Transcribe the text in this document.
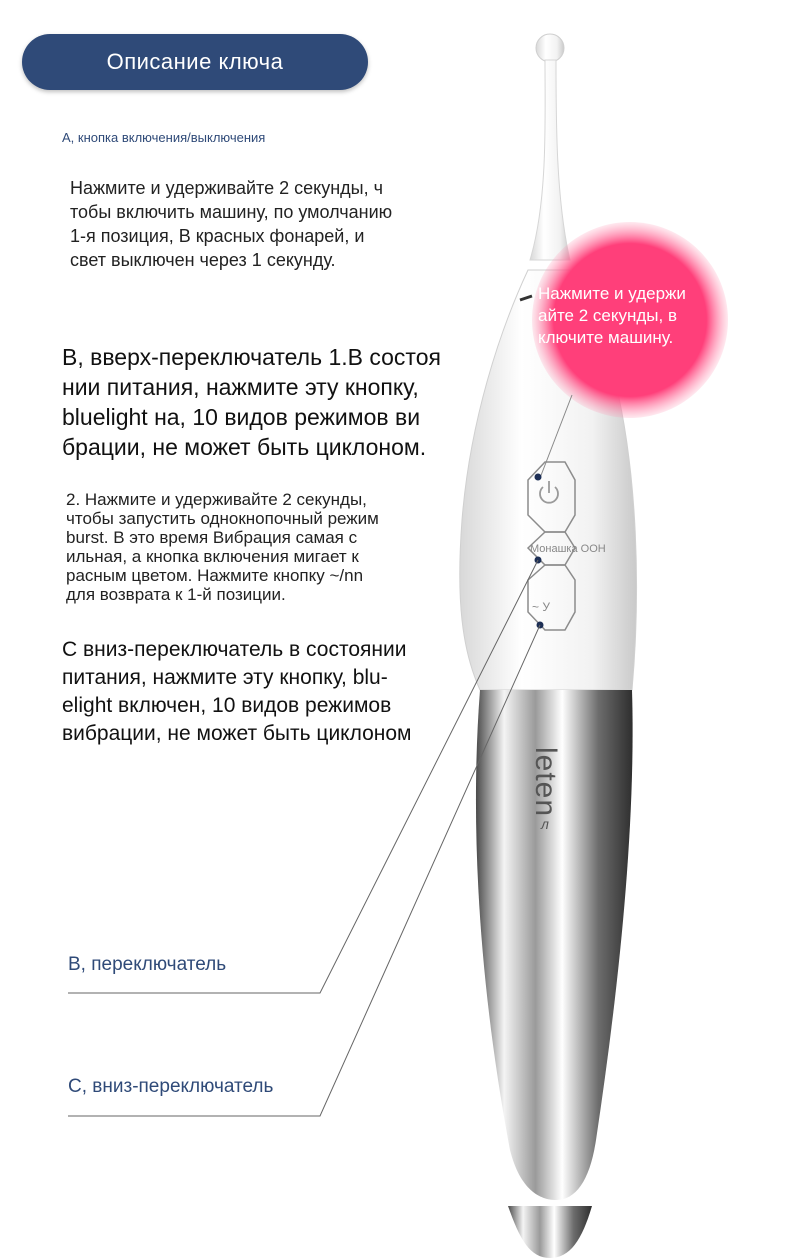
Описание ключа
A, кнопка включения/выключения

Нажмите и удерживайте 2 секунды, ч
тобы включить машину, по умолчанию
1-я позиция, В красных фонарей, и
свет выключен через 1 секунду.

B, вверх-переключатель 1.В состоя
нии питания, нажмите эту кнопку,
bluelight на, 10 видов режимов ви
брации, не может быть циклоном.

2. Нажмите и удерживайте 2 секунды,
чтобы запустить однокнопочный режим
burst. В это время Вибрация самая с
ильная, а кнопка включения мигает к
расным цветом. Нажмите кнопку ~/nn
для возврата к 1-й позиции.

C вниз-переключатель в состоянии
питания, нажмите эту кнопку, blu-
elight включен, 10 видов режимов
вибрации, не может быть циклоном

Нажмите и удержи
айте 2 секунды, в
ключите машину.
Монашка ООН
~ У
leten
л
B, переключатель
C, вниз-переключатель
